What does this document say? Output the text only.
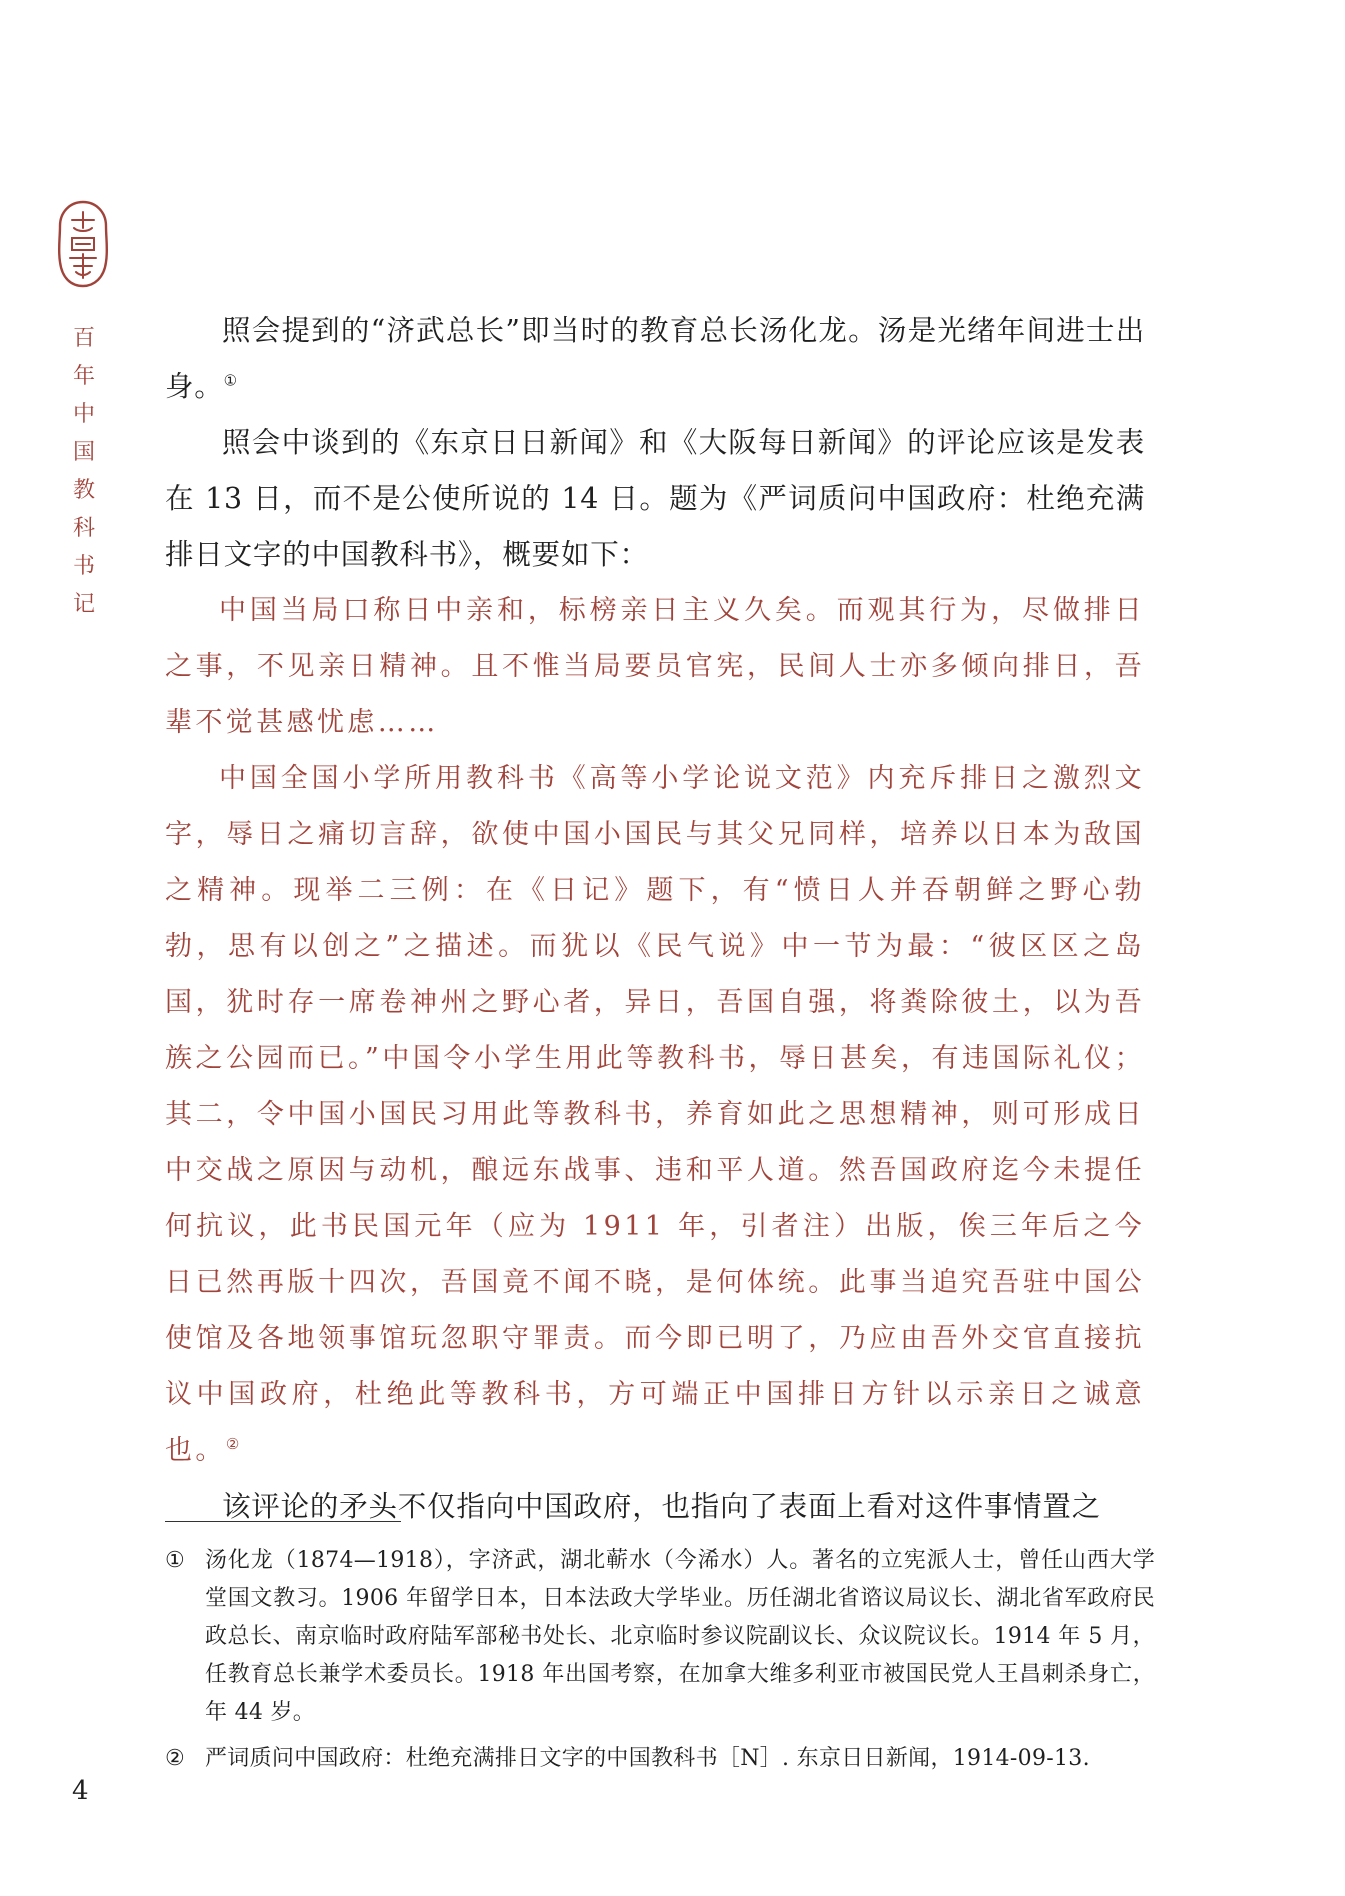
百
年
中
国
教
科
书
记

照会提到的“济武总长”即当时的教育总长汤化龙。汤是光绪年间进士出身。①

照会中谈到的《东京日日新闻》和《大阪每日新闻》的评论应该是发表在 13 日，而不是公使所说的 14 日。题为《严词质问中国政府：杜绝充满排日文字的中国教科书》，概要如下：

中国当局口称日中亲和，标榜亲日主义久矣。而观其行为，尽做排日之事，不见亲日精神。且不惟当局要员官宪，民间人士亦多倾向排日，吾辈不觉甚感忧虑……

中国全国小学所用教科书《高等小学论说文范》内充斥排日之激烈文字，辱日之痛切言辞，欲使中国小国民与其父兄同样，培养以日本为敌国之精神。现举二三例：在《日记》题下，有“愤日人并吞朝鲜之野心勃勃，思有以创之”之描述。而犹以《民气说》中一节为最：“彼区区之岛国，犹时存一席卷神州之野心者，异日，吾国自强，将粪除彼土，以为吾族之公园而已。”中国令小学生用此等教科书，辱日甚矣，有违国际礼仪；其二，令中国小国民习用此等教科书，养育如此之思想精神，则可形成日中交战之原因与动机，酿远东战事、违和平人道。然吾国政府迄今未提任何抗议，此书民国元年（应为 1911 年，引者注）出版，俟三年后之今日已然再版十四次，吾国竟不闻不晓，是何体统。此事当追究吾驻中国公使馆及各地领事馆玩忽职守罪责。而今即已明了，乃应由吾外交官直接抗议中国政府，杜绝此等教科书，方可端正中国排日方针以示亲日之诚意也。②

该评论的矛头不仅指向中国政府，也指向了表面上看对这件事情置之

① 汤化龙（1874—1918），字济武，湖北蕲水（今浠水）人。著名的立宪派人士，曾任山西大学堂国文教习。1906 年留学日本，日本法政大学毕业。历任湖北省谘议局议长、湖北省军政府民政总长、南京临时政府陆军部秘书处长、北京临时参议院副议长、众议院议长。1914 年 5 月，任教育总长兼学术委员长。1918 年出国考察，在加拿大维多利亚市被国民党人王昌刺杀身亡，年 44 岁。
② 严词质问中国政府：杜绝充满排日文字的中国教科书［N］. 东京日日新闻，1914-09-13.
4
